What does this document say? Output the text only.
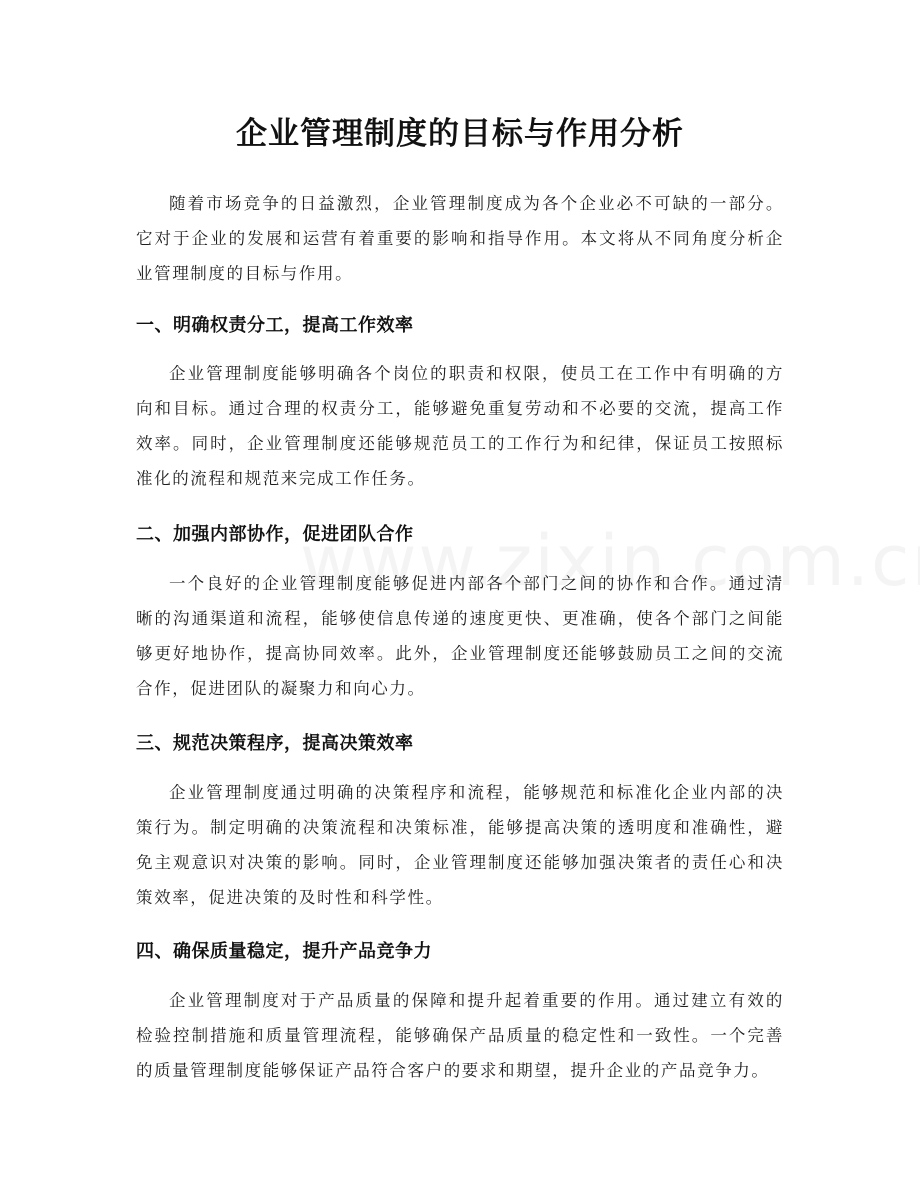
企业管理制度的目标与作用分析

随着市场竞争的日益激烈，企业管理制度成为各个企业必不可缺的一部分。它对于企业的发展和运营有着重要的影响和指导作用。本文将从不同角度分析企业管理制度的目标与作用。

一、明确权责分工，提高工作效率

企业管理制度能够明确各个岗位的职责和权限，使员工在工作中有明确的方向和目标。通过合理的权责分工，能够避免重复劳动和不必要的交流，提高工作效率。同时，企业管理制度还能够规范员工的工作行为和纪律，保证员工按照标准化的流程和规范来完成工作任务。

二、加强内部协作，促进团队合作

一个良好的企业管理制度能够促进内部各个部门之间的协作和合作。通过清晰的沟通渠道和流程，能够使信息传递的速度更快、更准确，使各个部门之间能够更好地协作，提高协同效率。此外，企业管理制度还能够鼓励员工之间的交流合作，促进团队的凝聚力和向心力。

三、规范决策程序，提高决策效率

企业管理制度通过明确的决策程序和流程，能够规范和标准化企业内部的决策行为。制定明确的决策流程和决策标准，能够提高决策的透明度和准确性，避免主观意识对决策的影响。同时，企业管理制度还能够加强决策者的责任心和决策效率，促进决策的及时性和科学性。

四、确保质量稳定，提升产品竞争力

企业管理制度对于产品质量的保障和提升起着重要的作用。通过建立有效的检验控制措施和质量管理流程，能够确保产品质量的稳定性和一致性。一个完善的质量管理制度能够保证产品符合客户的要求和期望，提升企业的产品竞争力。
